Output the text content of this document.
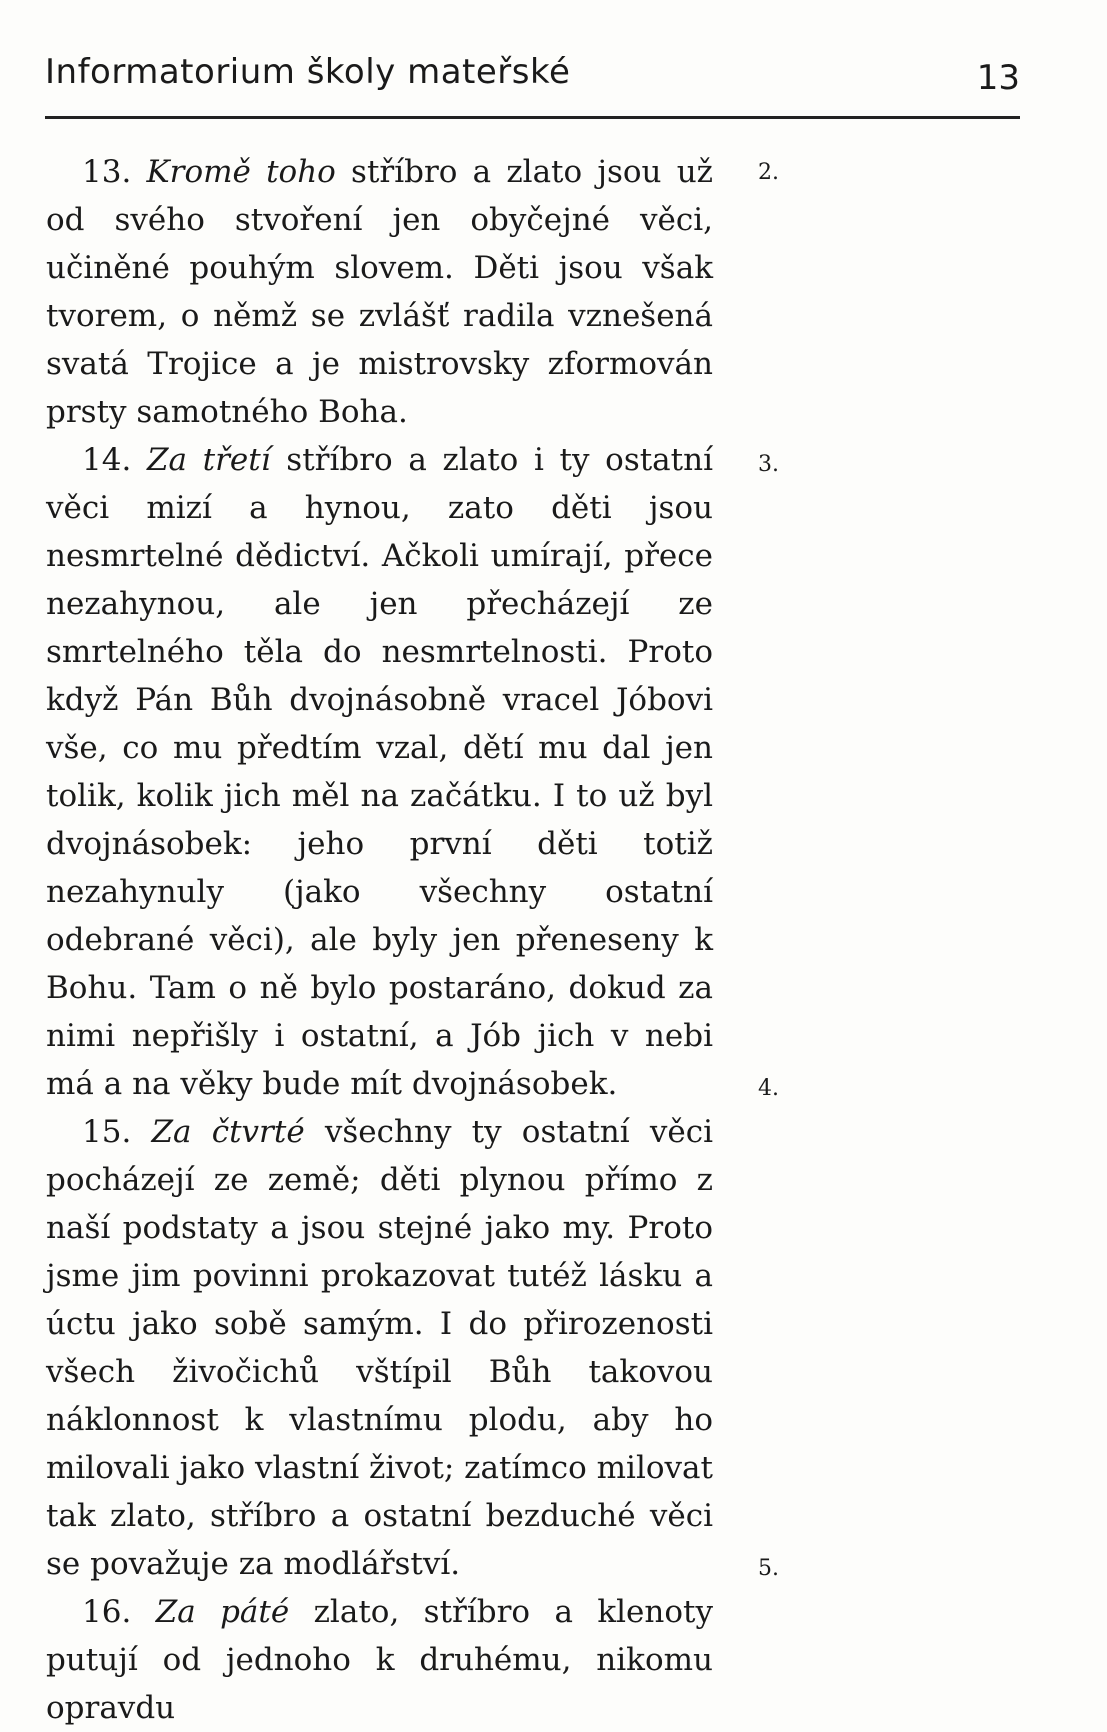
Informatorium školy mateřské	13

13. Kromě toho stříbro a zlato jsou už od svého stvoření jen obyčejné věci, učiněné pouhým slovem. Děti jsou však tvorem, o němž se zvlášť radila vznešená svatá Trojice a je mistrovsky zformován prsty samotného Boha.

14. Za třetí stříbro a zlato i ty ostatní věci mizí a hynou, zato děti jsou nesmrtelné dědictví. Ačkoli umírají, přece nezahynou, ale jen přecházejí ze smrtelného těla do nesmrtelnosti. Proto když Pán Bůh dvojnásobně vracel Jóbovi vše, co mu předtím vzal, dětí mu dal jen tolik, kolik jich měl na začátku. I to už byl dvojnásobek: jeho první děti totiž nezahynuly (jako všechny ostatní odebrané věci), ale byly jen přeneseny k Bohu. Tam o ně bylo postaráno, dokud za nimi nepřišly i ostatní, a Jób jich v nebi má a na věky bude mít dvojnásobek.

15. Za čtvrté všechny ty ostatní věci pocházejí ze země; děti plynou přímo z naší podstaty a jsou stejné jako my. Proto jsme jim povinni prokazovat tutéž lásku a úctu jako sobě samým. I do přirozenosti všech živočichů vštípil Bůh takovou náklonnost k vlastnímu plodu, aby ho milovali jako vlastní život; zatímco milovat tak zlato, stříbro a ostatní bezduché věci se považuje za modlářství.

16. Za páté zlato, stříbro a klenoty putují od jednoho k druhému, nikomu opravdu

2.
3.
4.
5.
